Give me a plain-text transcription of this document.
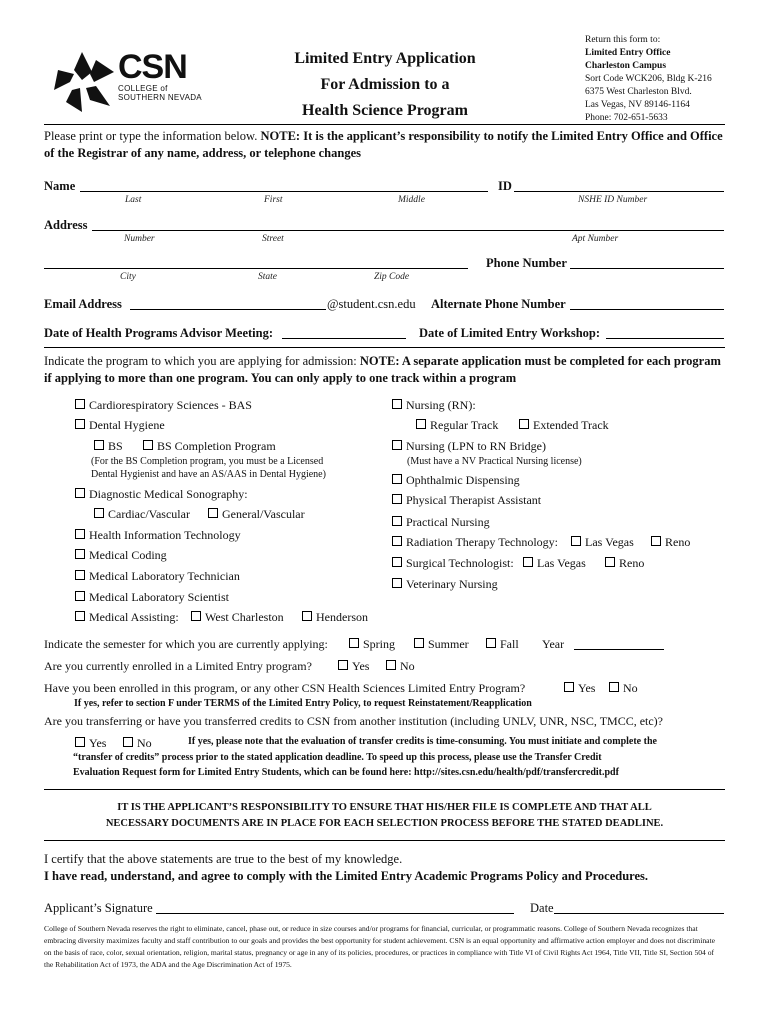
CSN
COLLEGE of
SOUTHERN NEVADA
Limited Entry Application
For Admission to a
Health Science Program
Return this form to:
Limited Entry Office
Charleston Campus
Sort Code WCK206, Bldg K-216
6375 West Charleston Blvd.
Las Vegas, NV 89146-1164
Phone: 702-651-5633
Please print or type the information below. NOTE: It is the applicant’s responsibility to notify the Limited Entry Office and Office of the Registrar of any name, address, or telephone changes
Name	ID
Last	First	Middle	NSHE ID Number
Address
Number	Street	Apt Number
Phone Number
City	State	Zip Code
Email Address	@student.csn.edu Alternate Phone Number
Date of Health Programs Advisor Meeting:	Date of Limited Entry Workshop:
Indicate the program to which you are applying for admission: NOTE: A separate application must be completed for each program if applying to more than one program. You can only apply to one track within a program
Cardiorespiratory Sciences - BAS
Dental Hygiene
BS	BS Completion Program
(For the BS Completion program, you must be a Licensed
Dental Hygienist and have an AS/AAS in Dental Hygiene)
Diagnostic Medical Sonography:
Cardiac/Vascular	General/Vascular
Health Information Technology
Medical Coding
Medical Laboratory Technician
Medical Laboratory Scientist
Medical Assisting:	West Charleston	Henderson
Nursing (RN):
Regular Track	Extended Track
Nursing (LPN to RN Bridge)
(Must have a NV Practical Nursing license)
Ophthalmic Dispensing
Physical Therapist Assistant
Practical Nursing
Radiation Therapy Technology:	Las Vegas	Reno
Surgical Technologist:	Las Vegas	Reno
Veterinary Nursing
Indicate the semester for which you are currently applying:	Spring	Summer	Fall Year
Are you currently enrolled in a Limited Entry program?	Yes	No
Have you been enrolled in this program, or any other CSN Health Sciences Limited Entry Program?	Yes	No
If yes, refer to section F under TERMS of the Limited Entry Policy, to request Reinstatement/Reapplication
Are you transferring or have you transferred credits to CSN from another institution (including UNLV, UNR, NSC, TMCC, etc)?
Yes	No	If yes, please note that the evaluation of transfer credits is time-consuming. You must initiate and complete the
“transfer of credits” process prior to the stated application deadline. To speed up this process, please use the Transfer Credit
Evaluation Request form for Limited Entry Students, which can be found here: http://sites.csn.edu/health/pdf/transfercredit.pdf
IT IS THE APPLICANT’S RESPONSIBILITY TO ENSURE THAT HIS/HER FILE IS COMPLETE AND THAT ALL
NECESSARY DOCUMENTS ARE IN PLACE FOR EACH SELECTION PROCESS BEFORE THE STATED DEADLINE.
I certify that the above statements are true to the best of my knowledge.
I have read, understand, and agree to comply with the Limited Entry Academic Programs Policy and Procedures.
Applicant’s Signature	Date
College of Southern Nevada reserves the right to eliminate, cancel, phase out, or reduce in size courses and/or programs for financial, curricular, or programmatic reasons. College of Southern Nevada recognizes that embracing diversity maximizes faculty and staff contribution to our goals and provides the best opportunity for student achievement. CSN is an equal opportunity and affirmative action employer and does not discriminate on the basis of race, color, sexual orientation, religion, marital status, pregnancy or age in any of its policies, procedures, or practices in compliance with Title VI of Civil Rights Act 1964, Title VII, Title SI, Section 504 of the Rehabilitation Act of 1973, the ADA and the Age Discrimination Act of 1975.
